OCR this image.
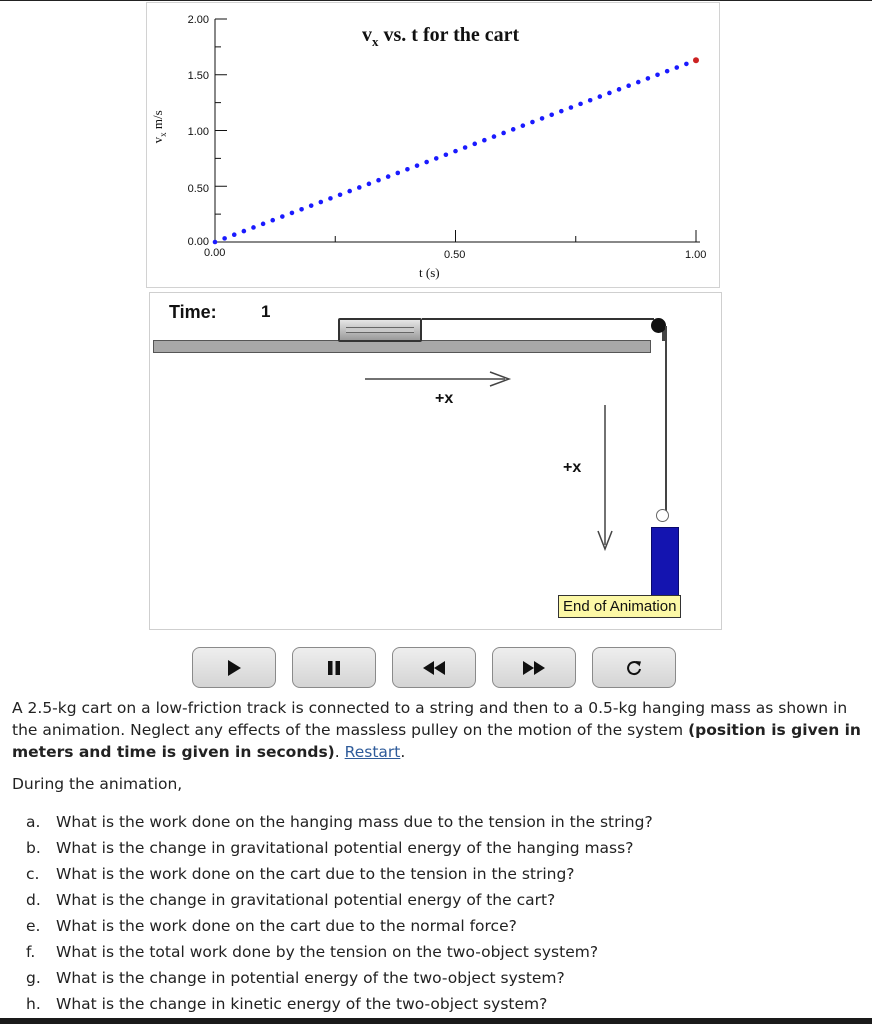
$v_x$ vs. t for the cart
$v_x$ m/s
t (s)
2.00
1.50
1.00
0.50
0.00
0.00	0.50	1.00
Time:	1
+x
+x
End of Animation
A 2.5-kg cart on a low-friction track is connected to a string and then to a 0.5-kg hanging mass as shown in the animation. Neglect any effects of the massless pulley on the motion of the system (position is given in meters and time is given in seconds). Restart.
During the animation,
a. What is the work done on the hanging mass due to the tension in the string?
b. What is the change in gravitational potential energy of the hanging mass?
c. What is the work done on the cart due to the tension in the string?
d. What is the change in gravitational potential energy of the cart?
e. What is the work done on the cart due to the normal force?
f. What is the total work done by the tension on the two-object system?
g. What is the change in potential energy of the two-object system?
h. What is the change in kinetic energy of the two-object system?
